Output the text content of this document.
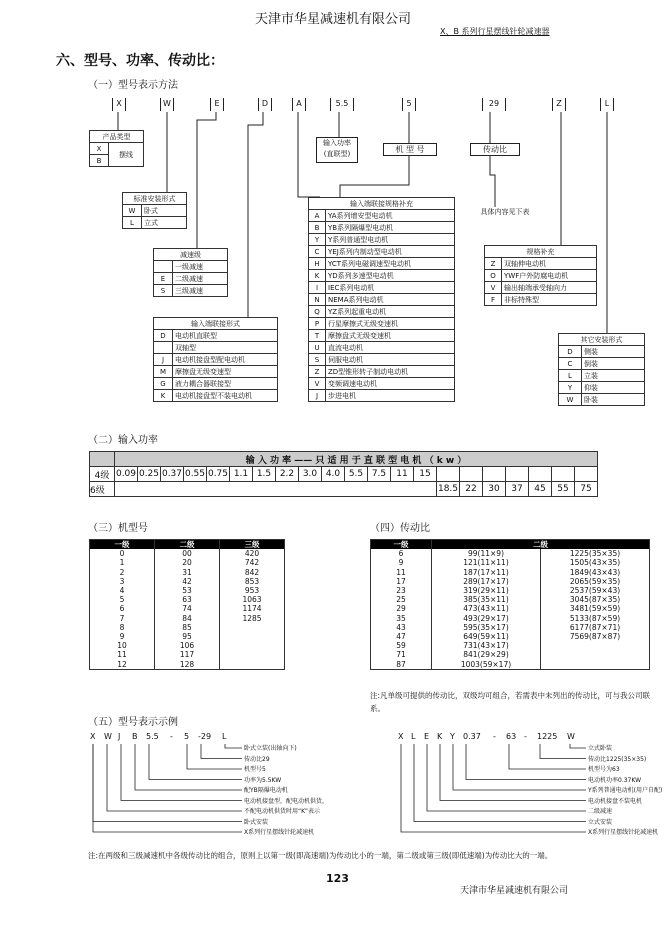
天津市华星减速机有限公司
X、B 系列行星摆线针轮减速器
六、型号、功率、传动比：
（一）型号表示方法
X	W	E	D	A	5.5	5	29	Z	L
输入功率
(直联型)	机 型 号	传动比
具体内容见下表
产品类型
X	摆线
B
标准安装形式	
W	卧式
L	立式
减速级	
	一级减速
E	二级减速
S	三级减速
输入端联接形式	
D	电动机直联型
	双轴型
J	电动机接盘型配电动机
M	摩擦盘无级变速型
G	液力耦合器联接型
K	电动机接盘型不装电动机
输入端联接规格补充	
A	YA系列增安型电动机
B	YB系列隔爆型电动机
Y	Y系列普通型电动机
C	YEJ系列内制动型电动机
H	YCT系列电磁调速型电动机
K	YD系列多速型电动机
I	IEC系列电动机
N	NEMA系列电动机
Q	YZ系列起重电动机
P	行星摩擦式无级变速机
T	摩擦盘式无级变速机
U	直流电动机
S	伺服电动机
Z	ZD型锥形转子制动电动机
V	变频调速电动机
J	步进电机
规格补充	
Z	双轴伸电动机
O	YWF户外防腐电动机
V	输出轴端承受轴向力
F	非标特殊型
其它安装形式	
D	侧装
C	倒装
L	立装
Y	仰装
W	卧装
（二）输入功率
	输 入 功 率 —— 只 适 用 于 直 联 型 电 机 （ k w ）																				
4级	0.09	0.25	0.37	0.55	0.75	1.1	1.5	2.2	3.0	4.0	5.5	7.5	11	15							
6级															18.5	22	30	37	45	55	75
（三）机型号
一级	二级	三级
0	00	420
1	20	742
2	31	842
3	42	853
4	53	953
5	63	1063
6	74	1174
7	84	1285
8	85	
9	95	
10	106	
11	117	
12	128	
（四）传动比
一级	二级	
6	99(11×9)	1225(35×35)
9	121(11×11)	1505(43×35)
11	187(17×11)	1849(43×43)
17	289(17×17)	2065(59×35)
23	319(29×11)	2537(59×43)
25	385(35×11)	3045(87×35)
29	473(43×11)	3481(59×59)
35	493(29×17)	5133(87×59)
43	595(35×17)	6177(87×71)
47	649(59×11)	7569(87×87)
59	731(43×17)	
71	841(29×29)	
87	1003(59×17)	
注:凡单级可提供的传动比，双级均可组合，若需表中未列出的传动比，可与我公司联系。
（五）型号表示示例
X W J B 5.5 - 5 -29 L
卧式立装(出轴向下)
传动比29
机型号5
功率为5.5KW
配YB隔爆电动机
电动机接盘型，配电动机供货，
不配电动机供货时用“K”表示
卧式安装
X系列行星摆线针轮减速机
X L E K Y 0.37 - 63 - 1225 W
立式卧装
传动比1225(35×35)
机型号为63
电动机功率0.37KW
Y系列普通电动机(用户自配)
电动机接盘不装电机
二级减速
立式安装
X系列行星摆线针轮减速机
注:在两级和三级减速机中各级传动比的组合，原则上以第一级(即高速端)为传动比小的一端，第二级或第三级(即低速端)为传动比大的一端。
123
天津市华星减速机有限公司
